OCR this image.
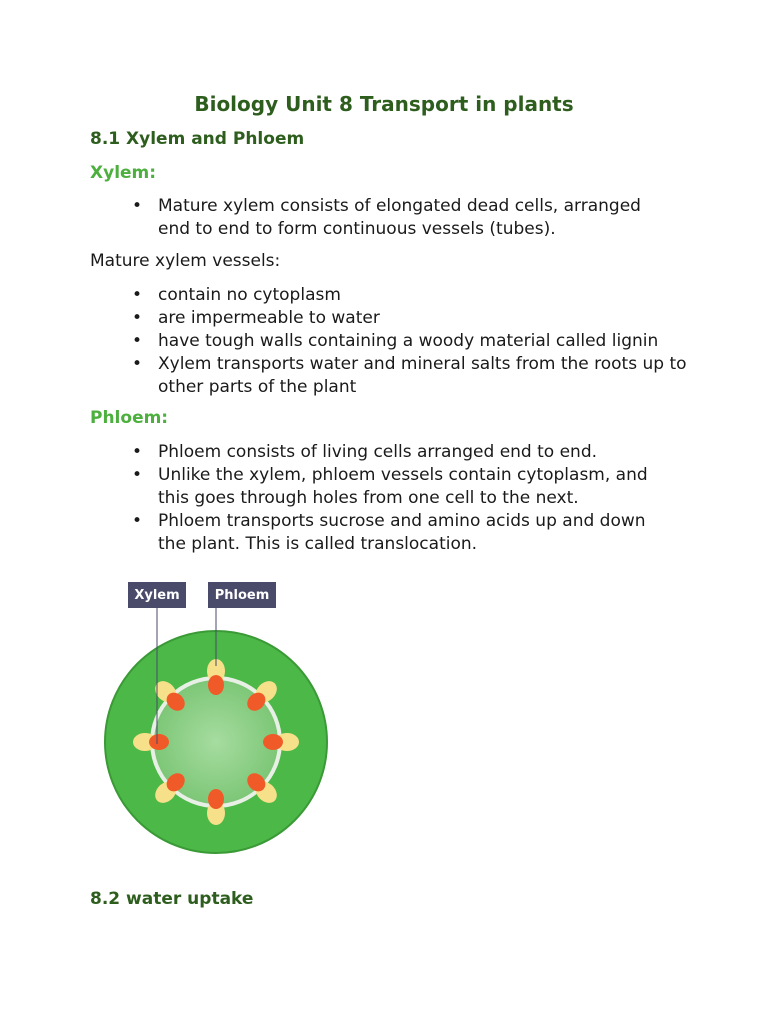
Biology Unit 8 Transport in plants
8.1 Xylem and Phloem
Xylem:
• Mature xylem consists of elongated dead cells, arranged end to end to form continuous vessels (tubes).

Mature xylem vessels:

• contain no cytoplasm
• are impermeable to water
• have tough walls containing a woody material called lignin
• Xylem transports water and mineral salts from the roots up to other parts of the plant
Phloem:
• Phloem consists of living cells arranged end to end.
• Unlike the xylem, phloem vessels contain cytoplasm, and this goes through holes from one cell to the next.
• Phloem transports sucrose and amino acids up and down the plant. This is called translocation.
Xylem	Phloem
8.2 water uptake
